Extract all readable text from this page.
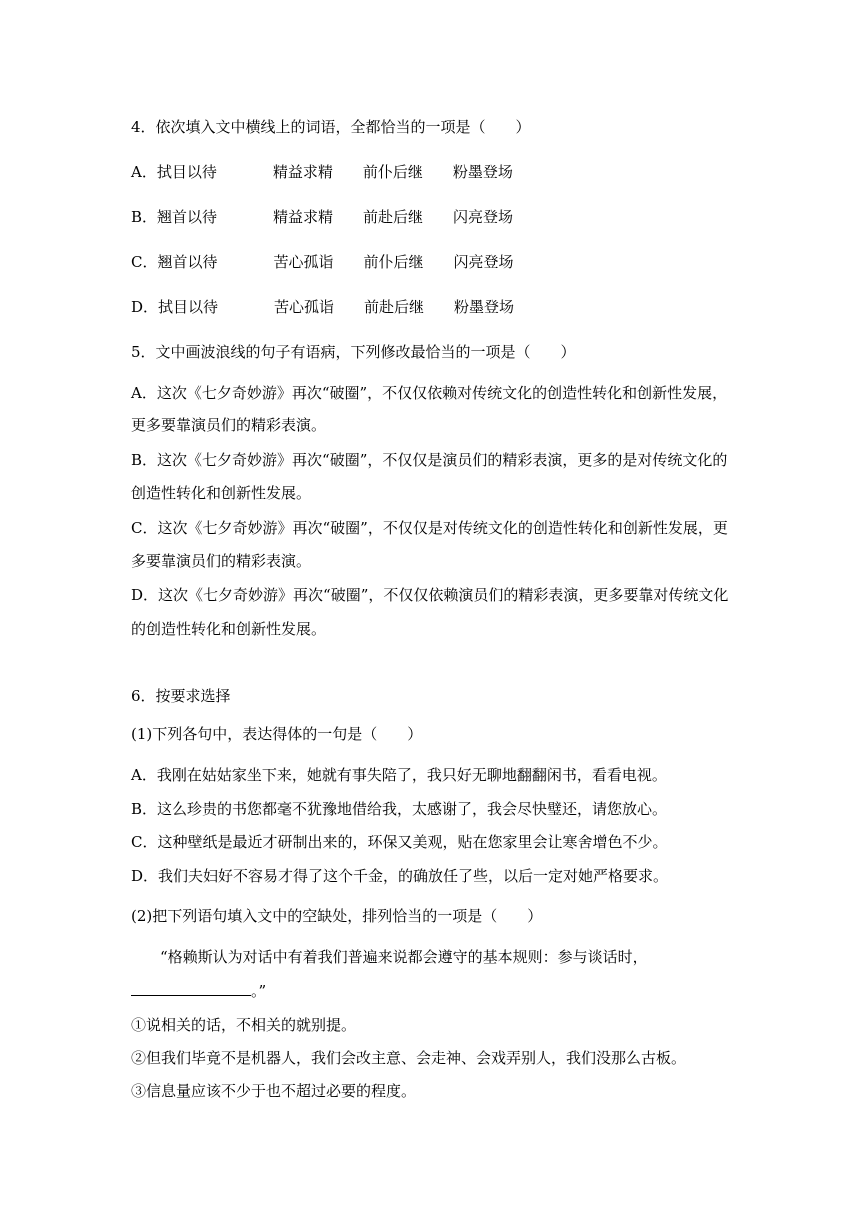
4．依次填入文中横线上的词语，全都恰当的一项是（　　）
A．拭目以待	精益求精 前仆后继 粉墨登场
B．翘首以待	精益求精 前赴后继 闪亮登场
C．翘首以待	苦心孤诣 前仆后继 闪亮登场
D．拭目以待	苦心孤诣 前赴后继 粉墨登场
5．文中画波浪线的句子有语病，下列修改最恰当的一项是（　　）
A．这次《七夕奇妙游》再次“破圈”，不仅仅依赖对传统文化的创造性转化和创新性发展，
更多要靠演员们的精彩表演。
B．这次《七夕奇妙游》再次“破圈”，不仅仅是演员们的精彩表演，更多的是对传统文化的
创造性转化和创新性发展。
C．这次《七夕奇妙游》再次“破圈”，不仅仅是对传统文化的创造性转化和创新性发展，更
多要靠演员们的精彩表演。
D．这次《七夕奇妙游》再次“破圈”，不仅仅依赖演员们的精彩表演，更多要靠对传统文化
的创造性转化和创新性发展。
6．按要求选择
(1)下列各句中，表达得体的一句是（　　）
A．我刚在姑姑家坐下来，她就有事失陪了，我只好无聊地翻翻闲书，看看电视。
B．这么珍贵的书您都毫不犹豫地借给我，太感谢了，我会尽快璧还，请您放心。
C．这种壁纸是最近才研制出来的，环保又美观，贴在您家里会让寒舍增色不少。
D．我们夫妇好不容易才得了这个千金，的确放任了些，以后一定对她严格要求。
(2)把下列语句填入文中的空缺处，排列恰当的一项是（　　）
“格赖斯认为对话中有着我们普遍来说都会遵守的基本规则：参与谈话时，
。”
①说相关的话，不相关的就别提。
②但我们毕竟不是机器人，我们会改主意、会走神、会戏弄别人，我们没那么古板。
③信息量应该不少于也不超过必要的程度。
